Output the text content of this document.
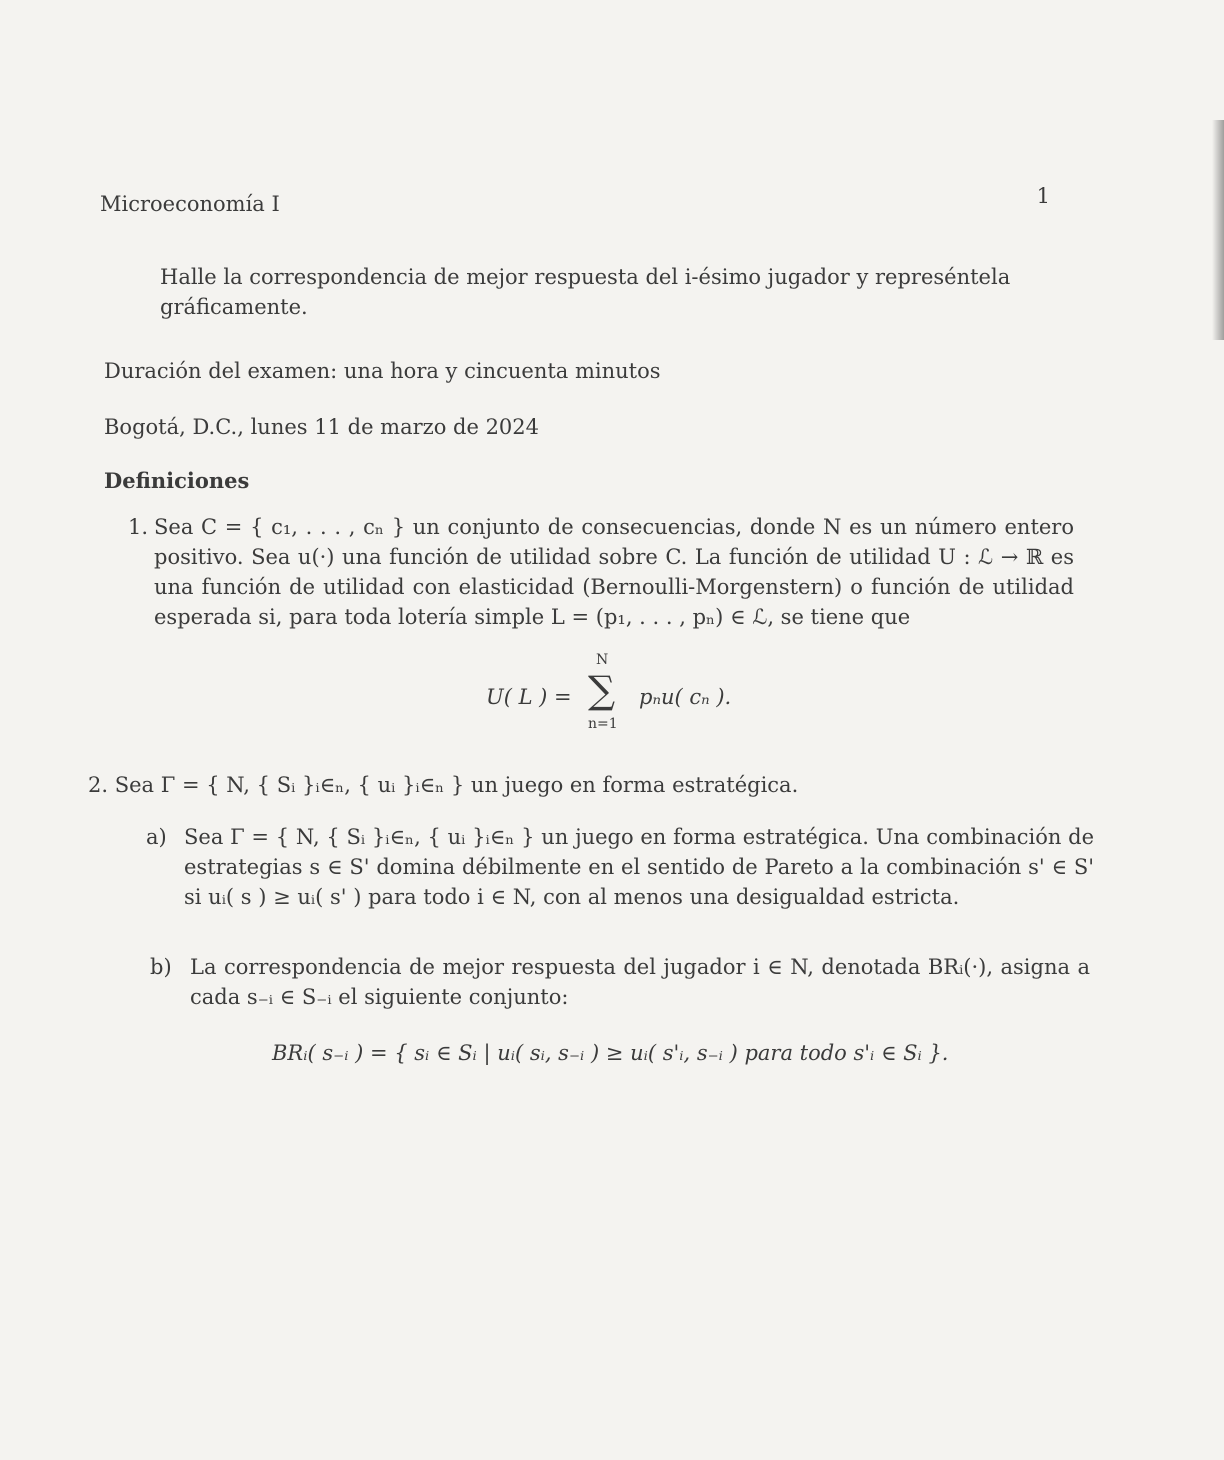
Microeconomía I	1
Halle la correspondencia de mejor respuesta del i-ésimo jugador y represéntela gráficamente.
Duración del examen: una hora y cincuenta minutos
Bogotá, D.C., lunes 11 de marzo de 2024
Definiciones
1. Sea C = { c₁, . . . , cₙ } un conjunto de consecuencias, donde N es un número entero positivo. Sea u(·) una función de utilidad sobre C. La función de utilidad U : ℒ → ℝ es una función de utilidad con elasticidad (Bernoulli-Morgenstern) o función de utilidad esperada si, para toda lotería simple L = (p₁, . . . , pₙ) ∈ ℒ, se tiene que
U( L ) =	pₙu( cₙ ).
N
∑
n=1
2. Sea Γ = { N, { Sᵢ }ᵢ∈ₙ, { uᵢ }ᵢ∈ₙ } un juego en forma estratégica.
a) Sea Γ = { N, { Sᵢ }ᵢ∈ₙ, { uᵢ }ᵢ∈ₙ } un juego en forma estratégica. Una combinación de estrategias s ∈ S' domina débilmente en el sentido de Pareto a la combinación s' ∈ S' si uᵢ( s ) ≥ uᵢ( s' ) para todo i ∈ N, con al menos una desigualdad estricta.
b) La correspondencia de mejor respuesta del jugador i ∈ N, denotada BRᵢ(·), asigna a cada s₋ᵢ ∈ S₋ᵢ el siguiente conjunto:
BRᵢ( s₋ᵢ ) = { sᵢ ∈ Sᵢ | uᵢ( sᵢ, s₋ᵢ ) ≥ uᵢ( s'ᵢ, s₋ᵢ ) para todo s'ᵢ ∈ Sᵢ }.
